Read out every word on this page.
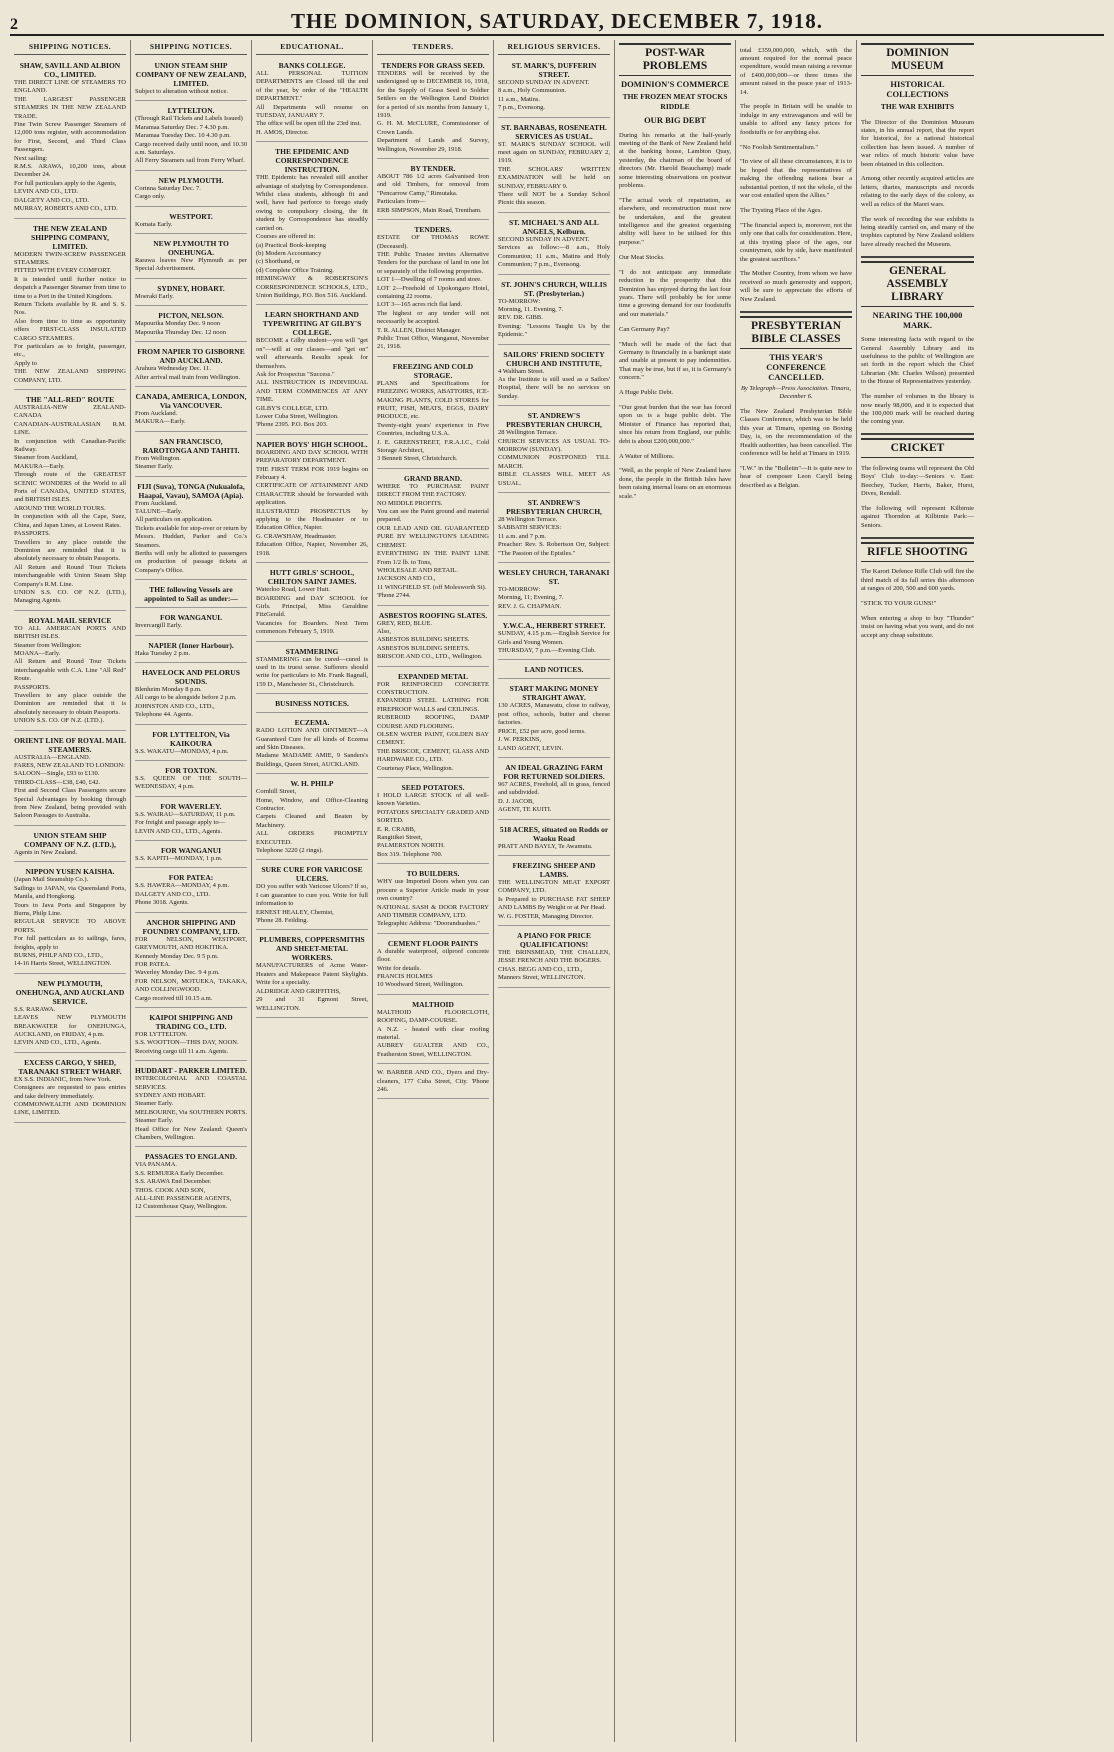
2	THE DOMINION, SATURDAY, DECEMBER 7, 1918.
SHIPPING NOTICES.
SHAW, SAVILL AND ALBION CO., LIMITED.
THE DIRECT LINE OF STEAMERS TO ENGLAND.
THE LARGEST PASSENGER STEAMERS IN THE NEW ZEALAND TRADE.
Fine Twin Screw Passenger Steamers of 12,000 tons register, with accommodation for First, Second, and Third Class Passengers.
Next sailing:
R.M.S. ARAWA, 10,200 tons, about December 24.
For full particulars apply to the Agents,
LEVIN AND CO., LTD.
DALGETY AND CO., LTD.
MURRAY, ROBERTS AND CO., LTD.
THE NEW ZEALAND SHIPPING COMPANY, LIMITED.
MODERN TWIN-SCREW PASSENGER STEAMERS.
FITTED WITH EVERY COMFORT.
It is intended until further notice to despatch a Passenger Steamer from time to time to a Port in the United Kingdom.
Return Tickets available by R. and S. S. Nos.
Also from time to time as opportunity offers FIRST-CLASS INSULATED CARGO STEAMERS.
For particulars as to freight, passenger, etc.,
Apply to
THE NEW ZEALAND SHIPPING COMPANY, LTD.
THE "ALL-RED" ROUTE
AUSTRALIA-NEW ZEALAND-CANADA
CANADIAN-AUSTRALASIAN R.M. LINE.
In conjunction with Canadian-Pacific Railway.
Steamer from Auckland,
MAKURA—Early.
Through route of the GREATEST SCENIC WONDERS of the World to all Ports of CANADA, UNITED STATES, and BRITISH ISLES.
AROUND THE WORLD TOURS.
In conjunction with all the Cape, Suez, China, and Japan Lines, at Lowest Rates.
PASSPORTS.
Travellers to any place outside the Dominion are reminded that it is absolutely necessary to obtain Passports.
All Return and Round Tour Tickets interchangeable with Union Steam Ship Company's R.M. Line.
UNION S.S. CO. OF N.Z. (LTD.), Managing Agents.
ROYAL MAIL SERVICE
TO ALL AMERICAN PORTS AND BRITISH ISLES.
Steamer from Wellington:
MOANA—Early.
All Return and Round Tour Tickets interchangeable with C.A. Line "All Red" Route.
PASSPORTS.
Travellers to any place outside the Dominion are reminded that it is absolutely necessary to obtain Passports.
UNION S.S. CO. OF N.Z. (LTD.).
ORIENT LINE OF ROYAL MAIL STEAMERS.
AUSTRALIA—ENGLAND.
FARES, NEW ZEALAND TO LONDON:
SALOON—Single, £93 to £130.
THIRD-CLASS—£38, £40, £42.
First and Second Class Passengers secure Special Advantages by booking through from New Zealand, being provided with Saloon Passages to Australia.
UNION STEAM SHIP COMPANY OF N.Z. (LTD.),
Agents in New Zealand.
NIPPON YUSEN KAISHA.
(Japan Mail Steamship Co.).
Sailings to JAPAN, via Queensland Ports, Manila, and Hongkong.
Tours to Java Ports and Singapore by Burns, Philp Line.
REGULAR SERVICE TO ABOVE PORTS.
For full particulars as to sailings, fares, freights, apply to
BURNS, PHILP AND CO., LTD.,
14-16 Harris Street, WELLINGTON.
NEW PLYMOUTH, ONEHUNGA, AND AUCKLAND SERVICE.
S.S. RARAWA.
LEAVES NEW PLYMOUTH BREAKWATER for ONEHUNGA, AUCKLAND, on FRIDAY, 4 p.m.
LEVIN AND CO., LTD., Agents.
EXCESS CARGO, Y SHED, TARANAKI STREET WHARF.
EX S.S. INDIANIC, from New York.
Consignees are requested to pass entries and take delivery immediately.
COMMONWEALTH AND DOMINION LINE, LIMITED.
SHIPPING NOTICES.
UNION STEAM SHIP COMPANY OF NEW ZEALAND, LIMITED.
Subject to alteration without notice.
LYTTELTON.
(Through Rail Tickets and Labels Issued)
Maramaa Saturday Dec. 7 4.30 p.m.
Maramaa Tuesday Dec. 10 4.30 p.m.
Cargo received daily until noon, and 10.30 a.m. Saturdays.
All Ferry Steamers sail from Ferry Wharf.
NEW PLYMOUTH.
Corinna Saturday Dec. 7.
Cargo only.
WESTPORT.
Komata Early.
NEW PLYMOUTH TO ONEHUNGA.
Rarawa leaves New Plymouth as per Special Advertisement.
SYDNEY, HOBART.
Moeraki Early.
PICTON, NELSON.
Mapourika Monday Dec. 9 noon
Mapourika Thursday Dec. 12 noon
FROM NAPIER TO GISBORNE AND AUCKLAND.
Arahura Wednesday Dec. 11.
After arrival mail train from Wellington.
CANADA, AMERICA, LONDON, Via VANCOUVER.
From Auckland.
MAKURA—Early.
SAN FRANCISCO, RAROTONGA AND TAHITI.
From Wellington.
Steamer Early.
FIJI (Suva), TONGA (Nukualofa, Haapai, Vavau), SAMOA (Apia).
From Auckland.
TALUNE—Early.
All particulars on application.
Tickets available for stop-over or return by Messrs. Huddart, Parker and Co.'s Steamers.
Berths will only be allotted to passengers on production of passage tickets at Company's Office.
THE following Vessels are appointed to Sail as under:—
FOR WANGANUI.
Invercargill Early.
NAPIER (Inner Harbour).
Haka Tuesday 2 p.m.
HAVELOCK AND PELORUS SOUNDS.
Blenheim Monday 8 p.m.
All cargo to be alongside before 2 p.m.
JOHNSTON AND CO., LTD.,
Telephone 44. Agents.
FOR LYTTELTON, Via KAIKOURA
S.S. WAKATU—MONDAY, 4 p.m.
FOR TOXTON.
S.S. QUEEN OF THE SOUTH—WEDNESDAY, 4 p.m.
FOR WAVERLEY.
S.S. WAIRAU—SATURDAY, 11 p.m.
For freight and passage apply to—
LEVIN AND CO., LTD., Agents.
FOR WANGANUI
S.S. KAPITI—MONDAY, 1 p.m.
FOR PATEA:
S.S. HAWERA—MONDAY, 4 p.m.
DALGETY AND CO., LTD.
Phone 3018. Agents.
ANCHOR SHIPPING AND FOUNDRY COMPANY, LTD.
FOR NELSON, WESTPORT, GREYMOUTH, AND HOKITIKA.
Kennedy Monday Dec. 9 5 p.m.
FOR PATEA.
Waverley Monday Dec. 9 4 p.m.
FOR NELSON, MOTUEKA, TAKAKA, AND COLLINGWOOD.
Cargo received till 10.15 a.m.
KAIPOI SHIPPING AND TRADING CO., LTD.
FOR LYTTELTON.
S.S. WOOTTON—THIS DAY, NOON.
Receiving cargo till 11 a.m. Agents.
HUDDART - PARKER LIMITED.
INTERCOLONIAL AND COASTAL SERVICES.
SYDNEY AND HOBART.
Steamer Early.
MELBOURNE, Via SOUTHERN PORTS.
Steamer Early.
Head Office for New Zealand: Queen's Chambers, Wellington.
PASSAGES TO ENGLAND.
VIA PANAMA.
S.S. REMUERA Early December.
S.S. ARAWA End December.
THOS. COOK AND SON,
ALL-LINE PASSENGER AGENTS,
12 Customhouse Quay, Wellington.
EDUCATIONAL.
BANKS COLLEGE.
ALL PERSONAL TUITION DEPARTMENTS are Closed till the end of the year, by order of the "HEALTH DEPARTMENT."
All Departments will resume on TUESDAY, JANUARY 7.
The office will be open till the 23rd inst.
H. AMOS, Director.
THE EPIDEMIC AND CORRESPONDENCE INSTRUCTION.
THE Epidemic has revealed still another advantage of studying by Correspondence. Whilst class students, although fit and well, have had perforce to forego study owing to compulsory closing, the fit student by Correspondence has steadily carried on.
Courses are offered in:
(a) Practical Book-keeping
(b) Modern Accountancy
(c) Shorthand, or
(d) Complete Office Training.
HEMINGWAY & ROBERTSON'S CORRESPONDENCE SCHOOLS, LTD., Union Buildings, P.O. Box 516. Auckland.
LEARN SHORTHAND AND TYPEWRITING AT GILBY'S COLLEGE.
BECOME a Gilby student—you will "get on"—will at our classes—and "get on" well afterwards. Results speak for themselves.
Ask for Prospectus "Success."
ALL INSTRUCTION IS INDIVIDUAL AND TERM COMMENCES AT ANY TIME.
GILBY'S COLLEGE, LTD.
Lower Cuba Street, Wellington.
'Phone 2395. P.O. Box 203.
NAPIER BOYS' HIGH SCHOOL.
BOARDING AND DAY SCHOOL WITH PREPARATORY DEPARTMENT.
THE FIRST TERM FOR 1919 begins on February 4.
CERTIFICATE OF ATTAINMENT AND CHARACTER should be forwarded with application.
ILLUSTRATED PROSPECTUS by applying to the Headmaster or to Education Office, Napier.
G. CRAWSHAW, Headmaster.
Education Office, Napier, November 26, 1918.
HUTT GIRLS' SCHOOL, CHILTON SAINT JAMES.
Waterloo Road, Lower Hutt.
BOARDING and DAY SCHOOL for Girls. Principal, Miss Geraldine FitzGerald.
Vacancies for Boarders. Next Term commences February 5, 1919.
STAMMERING
STAMMERING can be cured—cured is used in its truest sense. Sufferers should write for particulars to Mr. Frank Bagnall, 159 D., Manchester St., Christchurch.
BUSINESS NOTICES.
ECZEMA.
RADO LOTION AND OINTMENT—A Guaranteed Cure for all kinds of Eczema and Skin Diseases.
Madame MADAME AMIE, 9 Sanders's Buildings, Queen Street, AUCKLAND.
W. H. PHILP
Cornhill Street,
Home, Window, and Office-Cleaning Contractor.
Carpets Cleaned and Beaten by Machinery.
ALL ORDERS PROMPTLY EXECUTED.
Telephone 3220 (2 rings).
SURE CURE FOR VARICOSE ULCERS.
DO you suffer with Varicose Ulcers? If so, I can guarantee to cure you. Write for full information to
ERNEST HEALEY, Chemist,
'Phone 28. Feilding.
PLUMBERS, COPPERSMITHS AND SHEET-METAL WORKERS.
MANUFACTURERS of Acme Water-Heaters and Makepeace Patent Skylights. Write for a specialty.
ALDRIDGE AND GRIFFITHS,
29 and 31 Egmont Street, WELLINGTON.
TENDERS.
TENDERS FOR GRASS SEED.
TENDERS will be received by the undersigned up to DECEMBER 16, 1918, for the Supply of Grass Seed to Soldier Settlers on the Wellington Land District for a period of six months from January 1, 1919.
G. H. M. McCLURE, Commissioner of Crown Lands.
Department of Lands and Survey, Wellington, November 29, 1918.
BY TENDER.
ABOUT 786 1/2 acres Galvanised Iron and old Timbers, for removal from "Pencarrow Camp," Rimutaka.
Particulars from—
ERB SIMPSON, Main Road, Trentham.
TENDERS.
ESTATE OF THOMAS ROWE (Deceased).
THE Public Trustee invites Alternative Tenders for the purchase of land in one lot or separately of the following properties.
LOT 1—Dwelling of 7 rooms and store.
LOT 2—Freehold of Upokongaro Hotel, containing 22 rooms.
LOT 3—165 acres rich flat land.
The highest or any tender will not necessarily be accepted.
T. R. ALLEN, District Manager.
Public Trust Office, Wanganui, November 21, 1918.
FREEZING AND COLD STORAGE.
PLANS and Specifications for FREEZING WORKS, ABATTOIRS, ICE-MAKING PLANTS, COLD STORES for FRUIT, FISH, MEATS, EGGS, DAIRY PRODUCE, etc.
Twenty-eight years' experience in Five Countries, including U.S.A.
J. E. GREENSTREET, F.R.A.I.C., Cold Storage Architect,
3 Bennett Street, Christchurch.
GRAND BRAND.
WHERE TO PURCHASE PAINT DIRECT FROM THE FACTORY.
NO MIDDLE PROFITS.
You can see the Paint ground and material prepared.
OUR LEAD AND OIL GUARANTEED PURE BY WELLINGTON'S LEADING CHEMIST.
EVERYTHING IN THE PAINT LINE From 1/2 lb. to Tons,
WHOLESALE AND RETAIL.
JACKSON AND CO.,
11 WINGFIELD ST. (off Molesworth St).
'Phone 2744.
ASBESTOS ROOFING SLATES.
GREY, RED, BLUE.
Also,
ASBESTOS BUILDING SHEETS.
ASBESTOS BUILDING SHEETS.
BRISCOE AND CO., LTD., Wellington.
EXPANDED METAL
FOR REINFORCED CONCRETE CONSTRUCTION.
EXPANDED STEEL LATHING FOR FIREPROOF WALLS and CEILINGS.
RUBEROID ROOFING, DAMP COURSE AND FLOORING.
OLSEN WATER PAINT, GOLDEN BAY CEMENT.
THE BRISCOE, CEMENT, GLASS AND HARDWARE CO., LTD.
Courtenay Place, Wellington.
SEED POTATOES.
I HOLD LARGE STOCK of all well-known Varieties.
POTATOES SPECIALTY GRADED AND SORTED.
E. R. CRABB,
Rangitikei Street,
PALMERSTON NORTH.
Box 319. Telephone 700.
TO BUILDERS.
WHY use Imported Doors when you can procure a Superior Article made in your own country?
NATIONAL SASH & DOOR FACTORY AND TIMBER COMPANY, LTD.
Telegraphic Address: "Doorandsashes."
CEMENT FLOOR PAINTS
A durable waterproof, oilproof concrete floor.
Write for details.
FRANCIS HOLMES
10 Woodward Street, Wellington.
MALTHOID
MALTHOID FLOORCLOTH, ROOFING, DAMP-COURSE.
A N.Z. - heated with clear roofing material.
AUBREY GUALTER AND CO., Featherston Street, WELLINGTON.
W. BARBER AND CO., Dyers and Dry-cleaners, 177 Cuba Street, City. 'Phone 246.
RELIGIOUS SERVICES.
ST. MARK'S, DUFFERIN STREET.
SECOND SUNDAY IN ADVENT.
8 a.m., Holy Communion.
11 a.m., Matins.
7 p.m., Evensong.
ST. BARNABAS, ROSENEATH. SERVICES AS USUAL.
ST. MARK'S SUNDAY SCHOOL will meet again on SUNDAY, FEBRUARY 2, 1919.
THE SCHOLARS' WRITTEN EXAMINATION will be held on SUNDAY, FEBRUARY 9.
There will NOT be a Sunday School Picnic this season.
ST. MICHAEL'S AND ALL ANGELS, Kelburn.
SECOND SUNDAY IN ADVENT.
Services as follow:—8 a.m., Holy Communion; 11 a.m., Matins and Holy Communion; 7 p.m., Evensong.
ST. JOHN'S CHURCH, WILLIS ST. (Presbyterian.)
TO-MORROW:
Morning, 11. Evening, 7.
REV. DR. GIBB.
Evening: "Lessons Taught Us by the Epidemic."
SAILORS' FRIEND SOCIETY CHURCH AND INSTITUTE,
4 Waltham Street.
As the Institute is still used as a Sailors' Hospital, there will be no services on Sunday.
ST. ANDREW'S PRESBYTERIAN CHURCH,
28 Wellington Terrace.
CHURCH SERVICES AS USUAL TO-MORROW (SUNDAY).
COMMUNION POSTPONED TILL MARCH.
BIBLE CLASSES WILL MEET AS USUAL.
ST. ANDREW'S PRESBYTERIAN CHURCH,
28 Wellington Terrace.
SABBATH SERVICES:
11 a.m. and 7 p.m.
Preacher: Rev. S. Robertson Orr, Subject: "The Passion of the Epistles."
WESLEY CHURCH, TARANAKI ST.
TO-MORROW:
Morning, 11; Evening, 7.
REV. J. G. CHAPMAN.
Y.W.C.A., HERBERT STREET.
SUNDAY, 4.15 p.m.—English Service for Girls and Young Women.
THURSDAY, 7 p.m.—Evening Club.
LAND NOTICES.
START MAKING MONEY STRAIGHT AWAY.
130 ACRES, Manawatu, close to railway, post office, schools, butter and cheese factories.
PRICE, £52 per acre, good terms.
J. W. PERKINS,
LAND AGENT, LEVIN.
AN IDEAL GRAZING FARM FOR RETURNED SOLDIERS.
967 ACRES, Freehold, all in grass, fenced and subdivided.
D. J. JACOB,
AGENT, TE KUITI.
518 ACRES, situated on Rodds or Waoku Road
PRATT AND BAYLY, Te Awamutu.
FREEZING SHEEP AND LAMBS.
THE WELLINGTON MEAT EXPORT COMPANY, LTD.
Is Prepared to PURCHASE FAT SHEEP AND LAMBS By Weight or at Per Head.
W. G. FOSTER, Managing Director.
A PIANO FOR PRICE QUALIFICATIONS!
THE BRINSMEAD, THE CHALLEN, JESSE FRENCH AND THE BOGERS.
CHAS. BEGG AND CO., LTD.,
Manners Street, WELLINGTON.
POST-WAR PROBLEMS
DOMINION'S COMMERCE
THE FROZEN MEAT STOCKS RIDDLE
OUR BIG DEBT

During his remarks at the half-yearly meeting of the Bank of New Zealand held at the banking house, Lambton Quay, yesterday, the chairman of the board of directors (Mr. Harold Beauchamp) made some interesting observations on postwar problems.

"The actual work of repatriation, as elsewhere, and reconstruction must now be undertaken, and the greatest intelligence and the greatest organising ability will have to be utilised for this purpose."

Our Meat Stocks.

"I do not anticipate any immediate reduction in the prosperity that this Dominion has enjoyed during the last four years. There will probably be for some time a growing demand for our foodstuffs and our materials."

Can Germany Pay?

"Much will be made of the fact that Germany is financially in a bankrupt state and unable at present to pay indemnities. That may be true, but if so, it is Germany's concern."

A Huge Public Debt.

"Our great burden that the war has forced upon us is a huge public debt. The Minister of Finance has reported that, since his return from England, our public debt is about £200,000,000."

A Waiter of Millions.

"Well, as the people of New Zealand have done, the people in the British Isles have been raising internal loans on an enormous scale."

total £359,000,000, which, with the amount required for the normal peace expenditure, would mean raising a revenue of £400,000,000—or three times the amount raised in the peace year of 1913-14.

The people in Britain will be unable to indulge in any extravagances and will be unable to afford any fancy prices for foodstuffs or for anything else.

"No Foolish Sentimentalism."

"In view of all these circumstances, it is to be hoped that the representatives of making the offending nations bear a substantial portion, if not the whole, of the war cost entailed upon the Allies."

The Trysting Place of the Ages.

"The financial aspect is, moreover, not the only one that calls for consideration. Here, at this trysting place of the ages, our countrymen, side by side, have manifested the greatest sacrifices."

The Mother Country, from whom we have received so much generosity and support, will be sure to appreciate the efforts of New Zealand.

PRESBYTERIAN BIBLE CLASSES
THIS YEAR'S CONFERENCE CANCELLED.
By Telegraph—Press Association. Timaru, December 6.

The New Zealand Presbyterian Bible Classes Conference, which was to be held this year at Timaru, opening on Boxing Day, is, on the recommendation of the Health authorities, has been cancelled. The conference will be held at Timaru in 1919.

"I.W." in the "Bulletin"—It is quite new to hear of composer Leon Caryll being described as a Belgian.

DOMINION MUSEUM
HISTORICAL COLLECTIONS
THE WAR EXHIBITS

The Director of the Dominion Museum states, in his annual report, that the report for historical, for a national historical collection has been issued. A number of war relics of much historic value have been obtained in this collection.

Among other recently acquired articles are letters, diaries, manuscripts and records relating to the early days of the colony, as well as relics of the Maori wars.

The work of recording the war exhibits is being steadily carried on, and many of the trophies captured by New Zealand soldiers have already reached the Museum.

GENERAL ASSEMBLY LIBRARY
NEARING THE 100,000 MARK.

Some interesting facts with regard to the General Assembly Library and its usefulness to the public of Wellington are set forth in the report which the Chief Librarian (Mr. Charles Wilson) presented to the House of Representatives yesterday.

The number of volumes in the library is now nearly 98,000, and it is expected that the 100,000 mark will be reached during the coming year.

CRICKET

The following teams will represent the Old Boys' Club to-day:—Seniors v. East: Beechey, Tucker, Harris, Baker, Hurst, Dives, Rendall.

The following will represent Kilbirnie against Thorndon at Kilbirnie Park:—Seniors.

RIFLE SHOOTING

The Karori Defence Rifle Club will fire the third match of its fall series this afternoon at ranges of 200, 500 and 600 yards.

"STICK TO YOUR GUNS!"

When entering a shop to buy "Thunder" insist on having what you want, and do not accept any cheap substitute.
